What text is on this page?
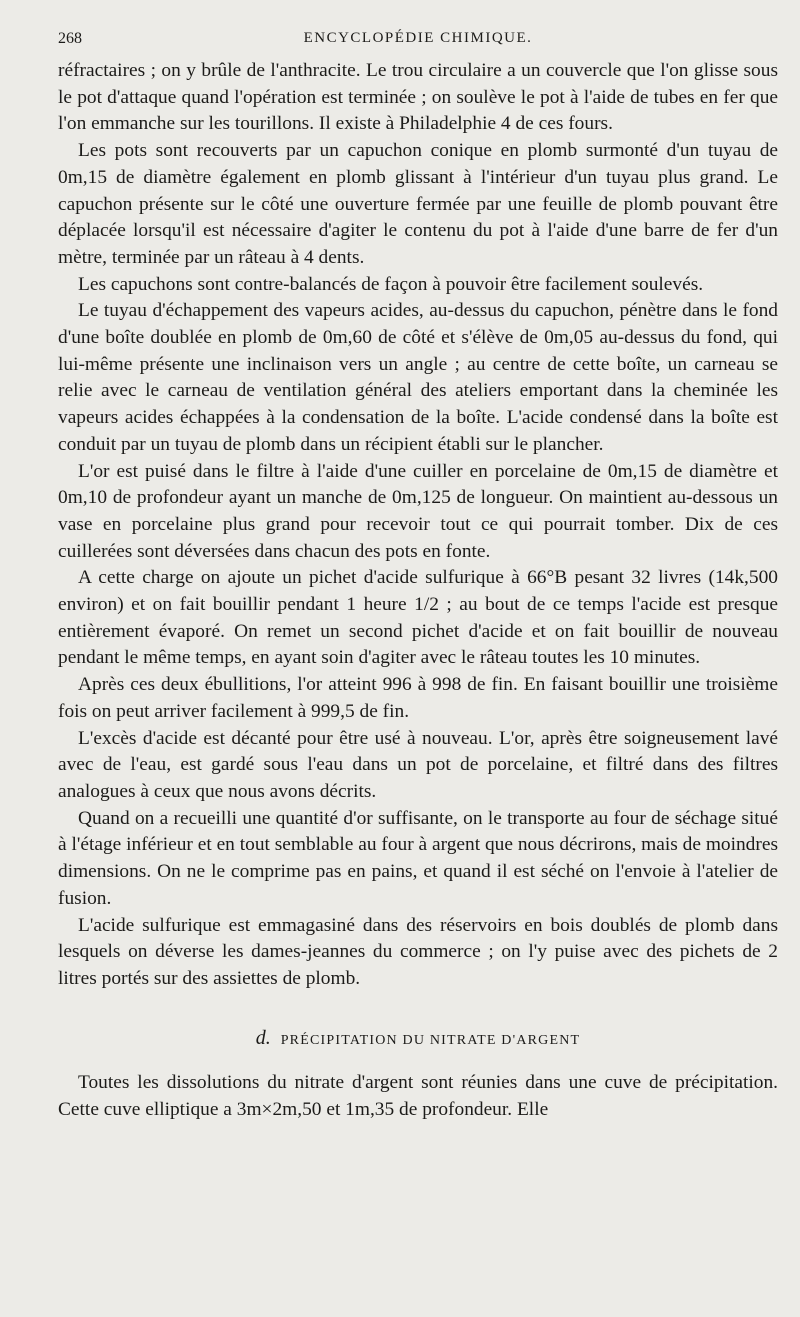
268	ENCYCLOPÉDIE CHIMIQUE.

réfractaires ; on y brûle de l'anthracite. Le trou circulaire a un couvercle que l'on glisse sous le pot d'attaque quand l'opération est terminée ; on soulève le pot à l'aide de tubes en fer que l'on emmanche sur les tourillons. Il existe à Philadelphie 4 de ces fours.

Les pots sont recouverts par un capuchon conique en plomb surmonté d'un tuyau de 0m,15 de diamètre également en plomb glissant à l'intérieur d'un tuyau plus grand. Le capuchon présente sur le côté une ouverture fermée par une feuille de plomb pouvant être déplacée lorsqu'il est nécessaire d'agiter le contenu du pot à l'aide d'une barre de fer d'un mètre, terminée par un râteau à 4 dents.

Les capuchons sont contre-balancés de façon à pouvoir être facilement soulevés.

Le tuyau d'échappement des vapeurs acides, au-dessus du capuchon, pénètre dans le fond d'une boîte doublée en plomb de 0m,60 de côté et s'élève de 0m,05 au-dessus du fond, qui lui-même présente une inclinaison vers un angle ; au centre de cette boîte, un carneau se relie avec le carneau de ventilation général des ateliers emportant dans la cheminée les vapeurs acides échappées à la condensation de la boîte. L'acide condensé dans la boîte est conduit par un tuyau de plomb dans un récipient établi sur le plancher.

L'or est puisé dans le filtre à l'aide d'une cuiller en porcelaine de 0m,15 de diamètre et 0m,10 de profondeur ayant un manche de 0m,125 de longueur. On maintient au-dessous un vase en porcelaine plus grand pour recevoir tout ce qui pourrait tomber. Dix de ces cuillerées sont déversées dans chacun des pots en fonte.

A cette charge on ajoute un pichet d'acide sulfurique à 66°B pesant 32 livres (14k,500 environ) et on fait bouillir pendant 1 heure 1/2 ; au bout de ce temps l'acide est presque entièrement évaporé. On remet un second pichet d'acide et on fait bouillir de nouveau pendant le même temps, en ayant soin d'agiter avec le râteau toutes les 10 minutes.

Après ces deux ébullitions, l'or atteint 996 à 998 de fin. En faisant bouillir une troisième fois on peut arriver facilement à 999,5 de fin.

L'excès d'acide est décanté pour être usé à nouveau. L'or, après être soigneusement lavé avec de l'eau, est gardé sous l'eau dans un pot de porcelaine, et filtré dans des filtres analogues à ceux que nous avons décrits.

Quand on a recueilli une quantité d'or suffisante, on le transporte au four de séchage situé à l'étage inférieur et en tout semblable au four à argent que nous décrirons, mais de moindres dimensions. On ne le comprime pas en pains, et quand il est séché on l'envoie à l'atelier de fusion.

L'acide sulfurique est emmagasiné dans des réservoirs en bois doublés de plomb dans lesquels on déverse les dames-jeannes du commerce ; on l'y puise avec des pichets de 2 litres portés sur des assiettes de plomb.

d. PRÉCIPITATION DU NITRATE D'ARGENT

Toutes les dissolutions du nitrate d'argent sont réunies dans une cuve de précipitation. Cette cuve elliptique a 3m×2m,50 et 1m,35 de profondeur. Elle
